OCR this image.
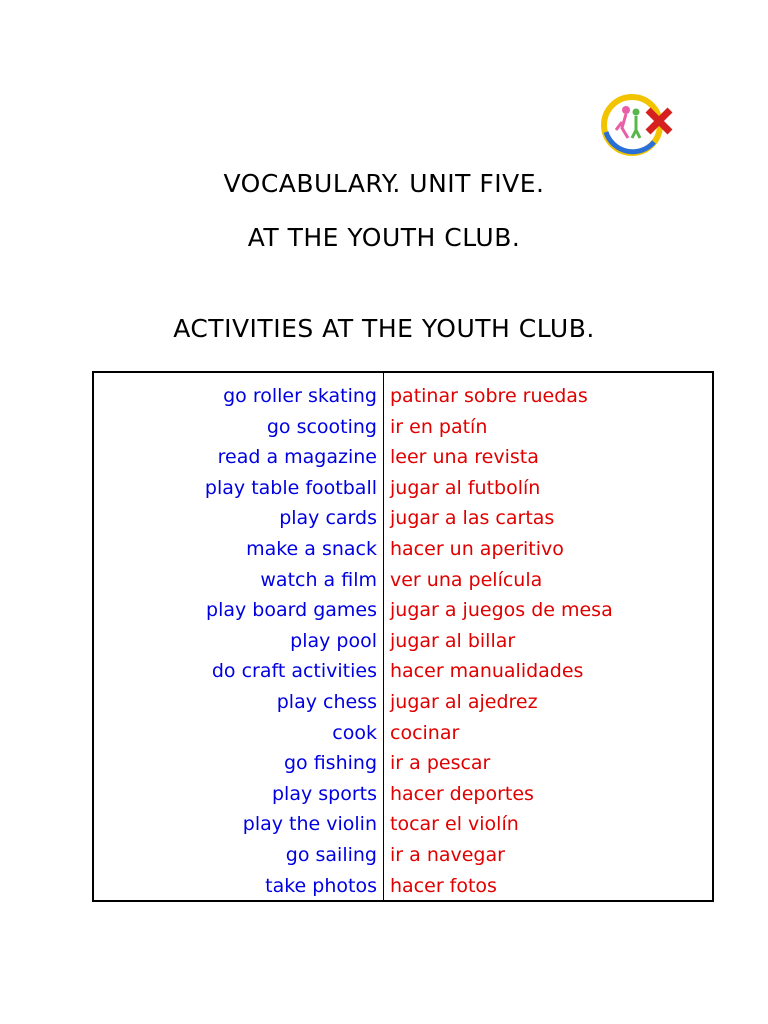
VOCABULARY. UNIT FIVE.
AT THE YOUTH CLUB.
ACTIVITIES AT THE YOUTH CLUB.
go roller skating patinar sobre ruedas
go scooting ir en patín
read a magazine leer una revista
play table football jugar al futbolín
play cards jugar a las cartas
make a snack hacer un aperitivo
watch a film ver una película
play board games jugar a juegos de mesa
play pool jugar al billar
do craft activities hacer manualidades
play chess jugar al ajedrez
cook cocinar
go fishing ir a pescar
play sports hacer deportes
play the violin tocar el violín
go sailing ir a navegar
take photos hacer fotos
